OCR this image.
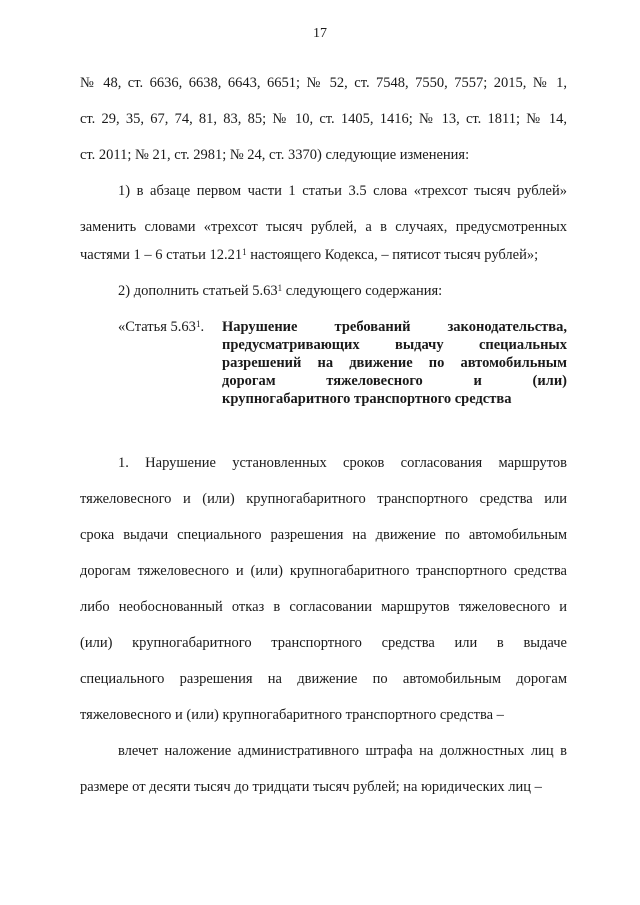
17
№ 48, ст. 6636, 6638, 6643, 6651; № 52, ст. 7548, 7550, 7557; 2015, № 1,
ст. 29, 35, 67, 74, 81, 83, 85; № 10, ст. 1405, 1416; № 13, ст. 1811; № 14,
ст. 2011; № 21, ст. 2981; № 24, ст. 3370) следующие изменения:
1) в абзаце первом части 1 статьи 3.5 слова «трехсот тысяч рублей»
заменить словами «трехсот тысяч рублей, а в случаях, предусмотренных
частями 1 – 6 статьи 12.21$^1$ настоящего Кодекса, – пятисот тысяч рублей»;
2) дополнить статьей 5.63$^1$ следующего содержания:
«Статья 5.63$^1$. Нарушение требований законодательства,
предусматривающих выдачу специальных
разрешений на движение по автомобильным
дорогам тяжеловесного и (или)
крупногабаритного транспортного средства
1. Нарушение установленных сроков согласования маршрутов
тяжеловесного и (или) крупногабаритного транспортного средства или
срока выдачи специального разрешения на движение по автомобильным
дорогам тяжеловесного и (или) крупногабаритного транспортного средства
либо необоснованный отказ в согласовании маршрутов тяжеловесного и
(или) крупногабаритного транспортного средства или в выдаче
специального разрешения на движение по автомобильным дорогам
тяжеловесного и (или) крупногабаритного транспортного средства –
влечет наложение административного штрафа на должностных лиц в
размере от десяти тысяч до тридцати тысяч рублей; на юридических лиц –
